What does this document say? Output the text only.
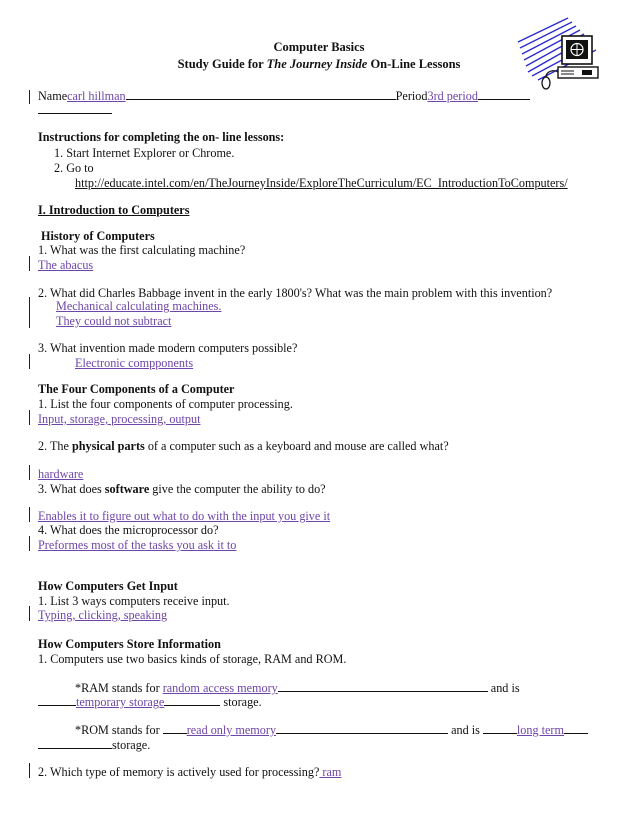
Computer Basics
Study Guide for The Journey Inside On-Line Lessons
Namecarl hillman	Period3rd period
Instructions for completing the on- line lessons:
1. Start Internet Explorer or Chrome.
2. Go to
http://educate.intel.com/en/TheJourneyInside/ExploreTheCurriculum/EC_IntroductionToComputers/
I. Introduction to Computers
History of Computers
1. What was the first calculating machine?
The abacus
2. What did Charles Babbage invent in the early 1800's? What was the main problem with this invention?
Mechanical calculating machines.
They could not subtract
3. What invention made modern computers possible?
Electronic compponents
The Four Components of a Computer
1. List the four components of computer processing.
Input, storage, processing, output
2. The physical parts of a computer such as a keyboard and mouse are called what?
hardware
3. What does software give the computer the ability to do?
Enables it to figure out what to do with the input you give it
4. What does the microprocessor do?
Preformes most of the tasks you ask it to
How Computers Get Input
1. List 3 ways computers receive input.
Typing, clicking, speaking
How Computers Store Information
1. Computers use two basics kinds of storage, RAM and ROM.
*RAM stands for random access memory	and is
temporary storage	storage.
*ROM stands for read only memory	and is	long term
storage.
2. Which type of memory is actively used for processing? ram
